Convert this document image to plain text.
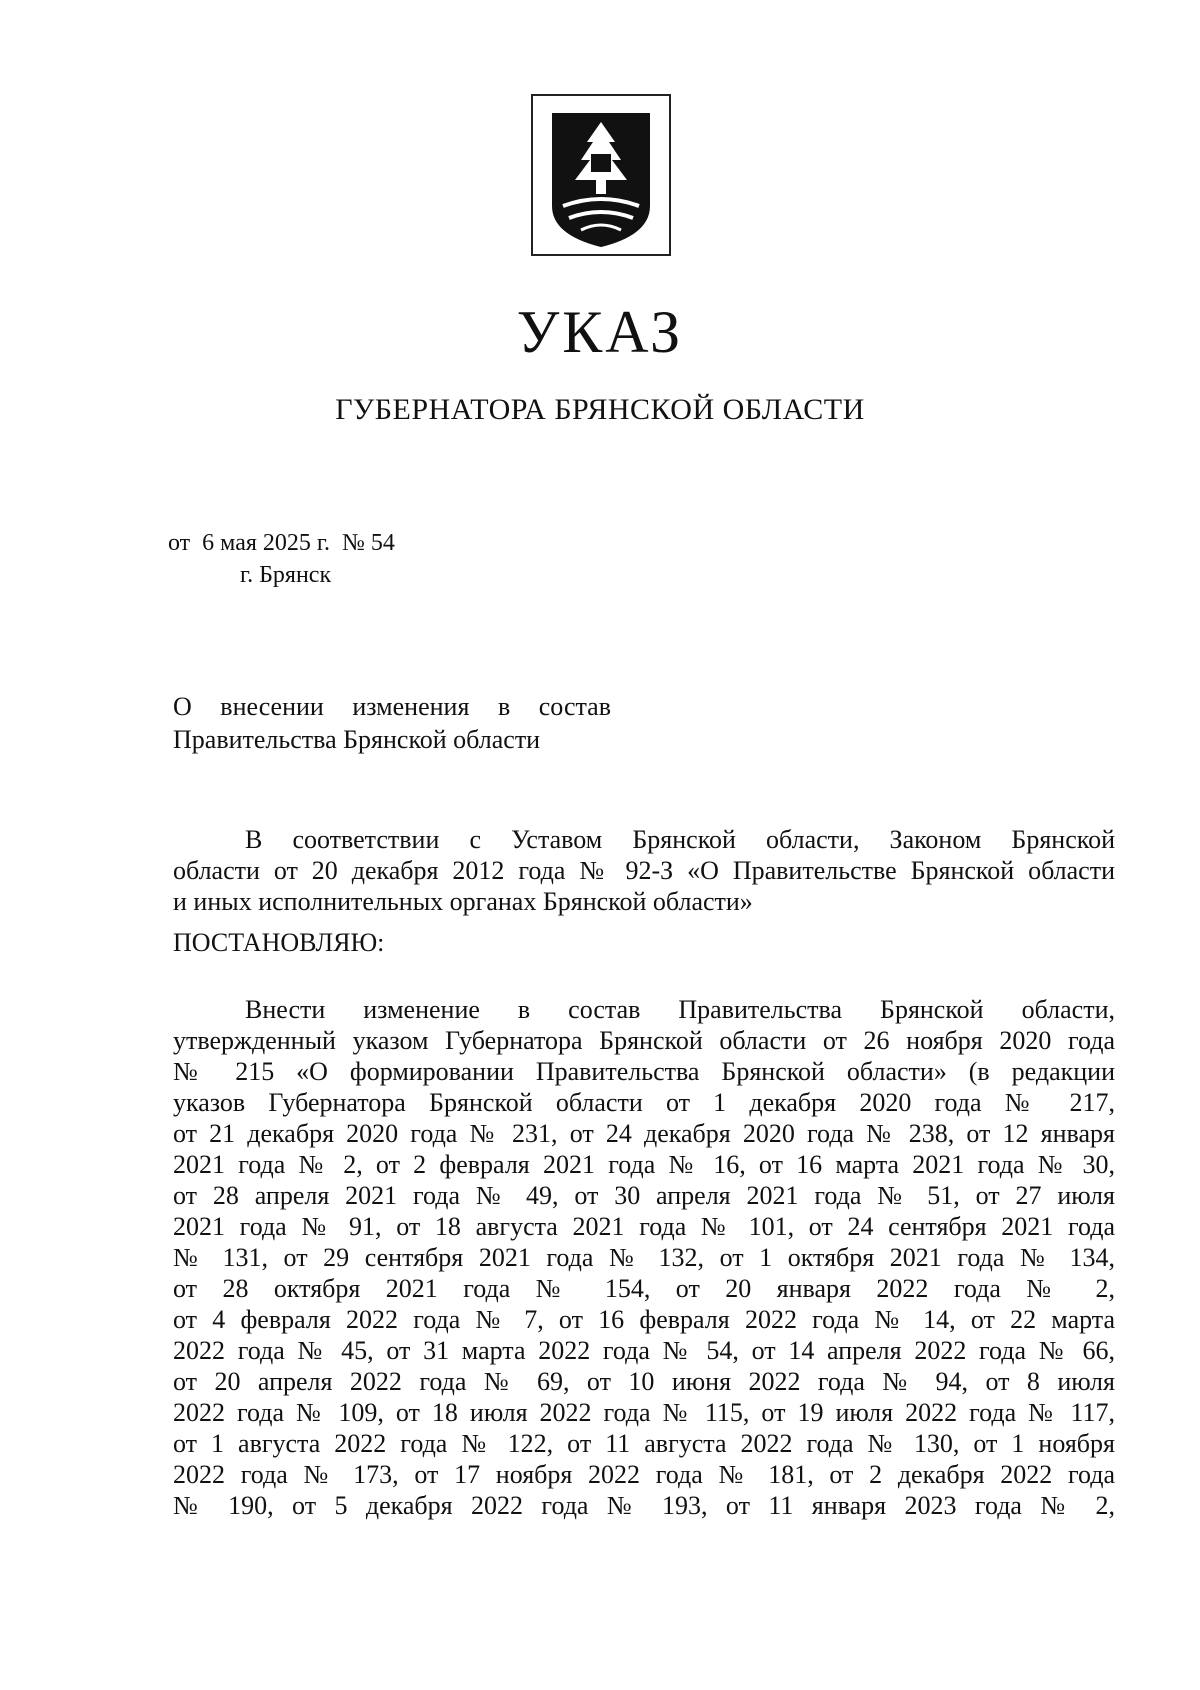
УКАЗ
ГУБЕРНАТОРА БРЯНСКОЙ ОБЛАСТИ
от  6 мая 2025 г.  № 54
г. Брянск
О внесении изменения в состав
Правительства Брянской области
В соответствии с Уставом Брянской области, Законом Брянской
области от 20 декабря 2012 года № 92-З «О Правительстве Брянской области
и иных исполнительных органах Брянской области»
ПОСТАНОВЛЯЮ:
Внести изменение в состав Правительства Брянской области,
утвержденный указом Губернатора Брянской области от 26 ноября 2020 года
№ 215 «О формировании Правительства Брянской области» (в редакции
указов Губернатора Брянской области от 1 декабря 2020 года № 217,
от 21 декабря 2020 года № 231, от 24 декабря 2020 года № 238, от 12 января
2021 года № 2, от 2 февраля 2021 года № 16, от 16 марта 2021 года № 30,
от 28 апреля 2021 года № 49, от 30 апреля 2021 года № 51, от 27 июля
2021 года № 91, от 18 августа 2021 года № 101, от 24 сентября 2021 года
№ 131, от 29 сентября 2021 года № 132, от 1 октября 2021 года № 134,
от 28 октября 2021 года № 154, от 20 января 2022 года № 2,
от 4 февраля 2022 года № 7, от 16 февраля 2022 года № 14, от 22 марта
2022 года № 45, от 31 марта 2022 года № 54, от 14 апреля 2022 года № 66,
от 20 апреля 2022 года № 69, от 10 июня 2022 года № 94, от 8 июля
2022 года № 109, от 18 июля 2022 года № 115, от 19 июля 2022 года № 117,
от 1 августа 2022 года № 122, от 11 августа 2022 года № 130, от 1 ноября
2022 года № 173, от 17 ноября 2022 года № 181, от 2 декабря 2022 года
№ 190, от 5 декабря 2022 года № 193, от 11 января 2023 года № 2,
